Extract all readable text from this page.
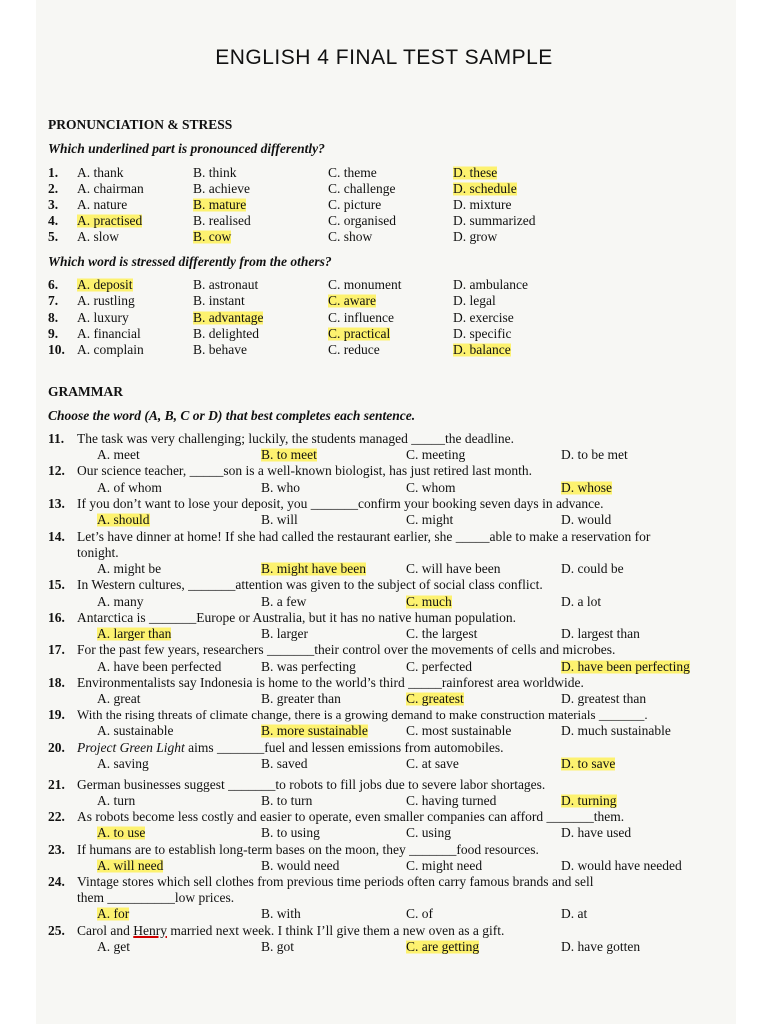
ENGLISH 4 FINAL TEST SAMPLE
PRONUNCIATION & STRESS
Which underlined part is pronounced differently?
1. A. thank	B. think	C. theme	D. these
2. A. chairman	B. achieve	C. challenge	D. schedule
3. A. nature	B. mature	C. picture	D. mixture
4. A. practised	B. realised	C. organised	D. summarized
5. A. slow	B. cow	C. show	D. grow
Which word is stressed differently from the others?
6. A. deposit	B. astronaut	C. monument	D. ambulance
7. A. rustling	B. instant	C. aware	D. legal
8. A. luxury	B. advantage	C. influence	D. exercise
9. A. financial	B. delighted	C. practical	D. specific
10. A. complain	B. behave	C. reduce	D. balance
GRAMMAR
Choose the word (A, B, C or D) that best completes each sentence.
11. The task was very challenging; luckily, the students managed _____the deadline.
A. meet	B. to meet	C. meeting	D. to be met
12. Our science teacher, _____son is a well-known biologist, has just retired last month.
A. of whom	B. who	C. whom	D. whose
13. If you don’t want to lose your deposit, you _______confirm your booking seven days in advance.
A. should	B. will	C. might	D. would
14. Let’s have dinner at home! If she had called the restaurant earlier, she _____able to make a reservation for
tonight.
A. might be	B. might have been	C. will have been	D. could be
15. In Western cultures, _______attention was given to the subject of social class conflict.
A. many	B. a few	C. much	D. a lot
16. Antarctica is _______Europe or Australia, but it has no native human population.
A. larger than	B. larger	C. the largest	D. largest than
17. For the past few years, researchers _______their control over the movements of cells and microbes.
A. have been perfected	B. was perfecting	C. perfected	D. have been perfecting
18. Environmentalists say Indonesia is home to the world’s third _____rainforest area worldwide.
A. great	B. greater than	C. greatest	D. greatest than
19. With the rising threats of climate change, there is a growing demand to make construction materials _______.
A. sustainable	B. more sustainable	C. most sustainable	D. much sustainable
20. Project Green Light aims _______fuel and lessen emissions from automobiles.
A. saving	B. saved	C. at save	D. to save
21. German businesses suggest _______to robots to fill jobs due to severe labor shortages.
A. turn	B. to turn	C. having turned	D. turning
22. As robots become less costly and easier to operate, even smaller companies can afford _______them.
A. to use	B. to using	C. using	D. have used
23. If humans are to establish long-term bases on the moon, they _______food resources.
A. will need	B. would need	C. might need	D. would have needed
24. Vintage stores which sell clothes from previous time periods often carry famous brands and sell
them __________low prices.
A. for	B. with	C. of	D. at
25. Carol and Henry married next week. I think I’ll give them a new oven as a gift.
A. get	B. got	C. are getting	D. have gotten
